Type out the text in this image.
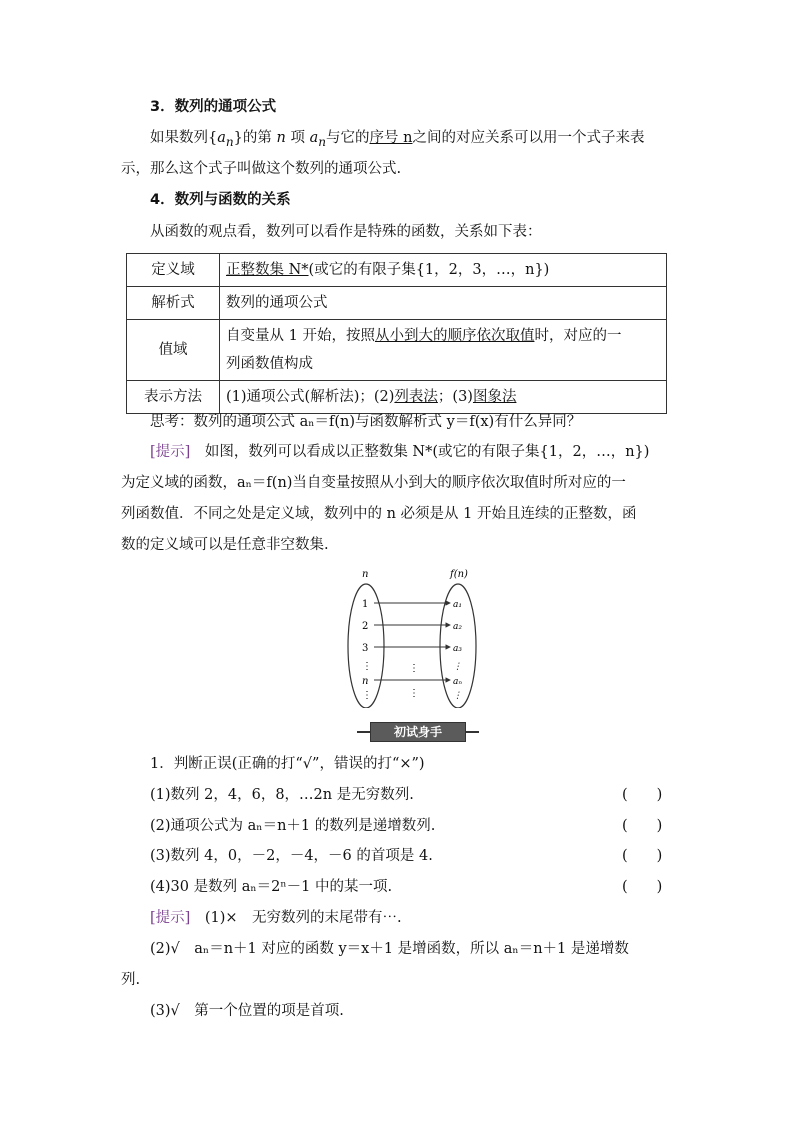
3．数列的通项公式
如果数列$\{a_n\}$的第 n 项 $a_n$与它的序号 n之间的对应关系可以用一个式子来表
示，那么这个式子叫做这个数列的通项公式.
4．数列与函数的关系
从函数的观点看，数列可以看作是特殊的函数，关系如下表：
定义域	正整数集 N*(或它的有限子集{1，2，3，…，n})
解析式	数列的通项公式
值域	自变量从 1 开始，按照从小到大的顺序依次取值时，对应的一
列函数值构成
表示方法	(1)通项公式(解析法)；(2)列表法；(3)图象法
思考：数列的通项公式 aₙ＝f(n)与函数解析式 y＝f(x)有什么异同？
[提示]　 如图，数列可以看成以正整数集 N*(或它的有限子集{1，2，…，n})
为定义域的函数，aₙ＝f(n)当自变量按照从小到大的顺序依次取值时所对应的一
列函数值．不同之处是定义域，数列中的 n 必须是从 1 开始且连续的正整数，函
数的定义域可以是任意非空数集.
n	f(n)
1	a₁
2	a₂
3	a₃
⋮	⋮
n	aₙ
⋮	⋮
⋮
⋮
初试身手
1．判断正误(正确的打“√”，错误的打“×”)
(1)数列 2，4，6，8，…2n 是无穷数列.	(　　)
(2)通项公式为 aₙ＝n＋1 的数列是递增数列.	(　　)
(3)数列 4，0，－2，－4，－6 的首项是 4.	(　　)
(4)30 是数列 aₙ＝2ⁿ－1 中的某一项.	(　　)
[提示]　 (1)×　无穷数列的末尾带有⋯.
(2)√　aₙ＝n＋1 对应的函数 y＝x＋1 是增函数，所以 aₙ＝n＋1 是递增数
列.
(3)√　第一个位置的项是首项.
